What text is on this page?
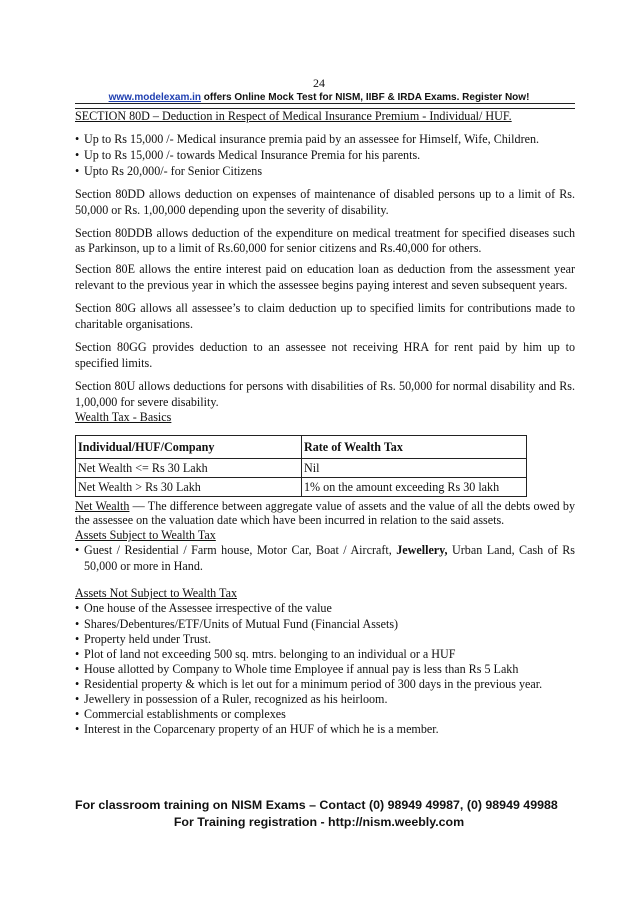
24
www.modelexam.in offers Online Mock Test for NISM, IIBF & IRDA Exams. Register Now!

SECTION 80D – Deduction in Respect of Medical Insurance Premium - Individual/ HUF.

• Up to Rs 15,000 /- Medical insurance premia paid by an assessee for Himself, Wife, Children.
• Up to Rs 15,000 /- towards Medical Insurance Premia for his parents.
• Upto Rs 20,000/- for Senior Citizens

Section 80DD allows deduction on expenses of maintenance of disabled persons up to a limit of Rs. 50,000 or Rs. 1,00,000 depending upon the severity of disability.

Section 80DDB allows deduction of the expenditure on medical treatment for specified diseases such as Parkinson, up to a limit of Rs.60,000 for senior citizens and Rs.40,000 for others.

Section 80E allows the entire interest paid on education loan as deduction from the assessment year relevant to the previous year in which the assessee begins paying interest and seven subsequent years.

Section 80G allows all assessee’s to claim deduction up to specified limits for contributions made to charitable organisations.

Section 80GG provides deduction to an assessee not receiving HRA for rent paid by him up to specified limits.

Section 80U allows deductions for persons with disabilities of Rs. 50,000 for normal disability and Rs. 1,00,000 for severe disability.

Wealth Tax - Basics

Individual/HUF/Company	Rate of Wealth Tax
Net Wealth <= Rs 30 Lakh	Nil
Net Wealth > Rs 30 Lakh	1% on the amount exceeding Rs 30 lakh

Net Wealth — The difference between aggregate value of assets and the value of all the debts owed by the assessee on the valuation date which have been incurred in relation to the said assets.

Assets Subject to Wealth Tax

• Guest / Residential / Farm house, Motor Car, Boat / Aircraft, Jewellery, Urban Land, Cash of Rs 50,000 or more in Hand.

Assets Not Subject to Wealth Tax

• One house of the Assessee irrespective of the value
• Shares/Debentures/ETF/Units of Mutual Fund (Financial Assets)
• Property held under Trust.
• Plot of land not exceeding 500 sq. mtrs. belonging to an individual or a HUF
• House allotted by Company to Whole time Employee if annual pay is less than Rs 5 Lakh
• Residential property & which is let out for a minimum period of 300 days in the previous year.
• Jewellery in possession of a Ruler, recognized as his heirloom.
• Commercial establishments or complexes
• Interest in the Coparcenary property of an HUF of which he is a member.
For classroom training on NISM Exams – Contact (0) 98949 49987, (0) 98949 49988
For Training registration - http://nism.weebly.com
